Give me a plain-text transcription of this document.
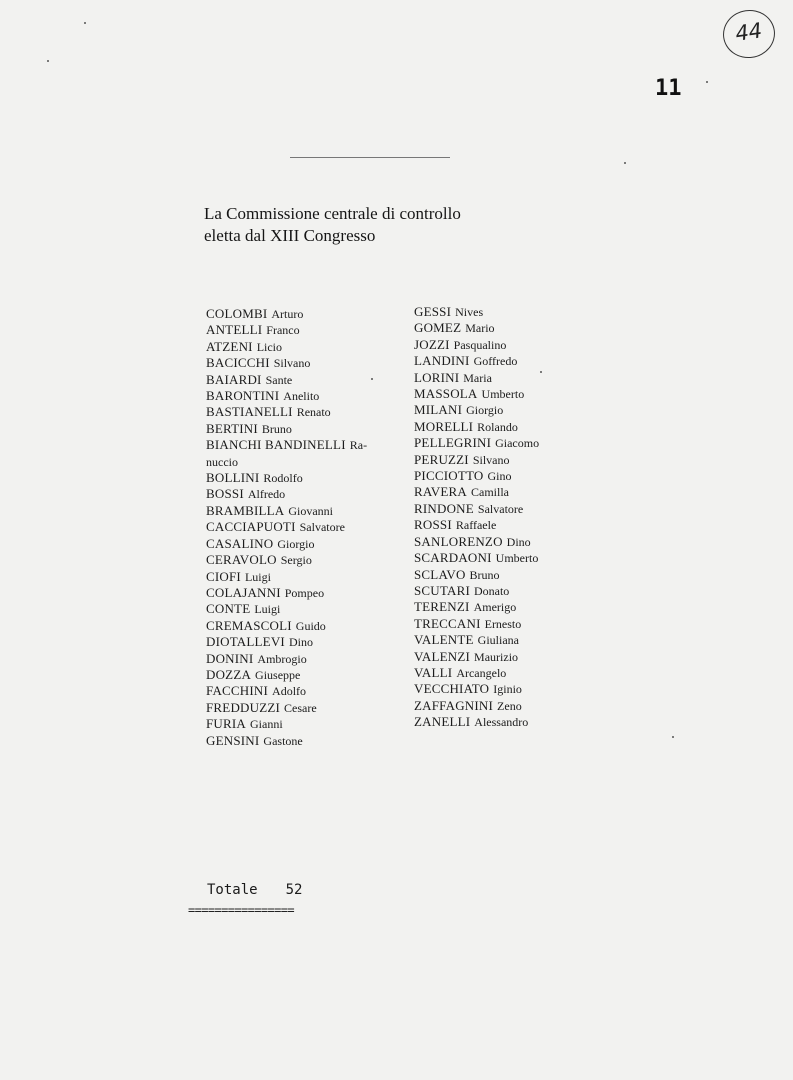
44
11
La Commissione centrale di controllo
eletta dal XIII Congresso
COLOMBI Arturo
ANTELLI Franco
ATZENI Licio
BACICCHI Silvano
BAIARDI Sante
BARONTINI Anelito
BASTIANELLI Renato
BERTINI Bruno
BIANCHI BANDINELLI Ra-
nuccio
BOLLINI Rodolfo
BOSSI Alfredo
BRAMBILLA Giovanni
CACCIAPUOTI Salvatore
CASALINO Giorgio
CERAVOLO Sergio
CIOFI Luigi
COLAJANNI Pompeo
CONTE Luigi
CREMASCOLI Guido
DIOTALLEVI Dino
DONINI Ambrogio
DOZZA Giuseppe
FACCHINI Adolfo
FREDDUZZI Cesare
FURIA Gianni
GENSINI Gastone
GESSI Nives
GOMEZ Mario
JOZZI Pasqualino
LANDINI Goffredo
LORINI Maria
MASSOLA Umberto
MILANI Giorgio
MORELLI Rolando
PELLEGRINI Giacomo
PERUZZI Silvano
PICCIOTTO Gino
RAVERA Camilla
RINDONE Salvatore
ROSSI Raffaele
SANLORENZO Dino
SCARDAONI Umberto
SCLAVO Bruno
SCUTARI Donato
TERENZI Amerigo
TRECCANI Ernesto
VALENTE Giuliana
VALENZI Maurizio
VALLI Arcangelo
VECCHIATO Iginio
ZAFFAGNINI Zeno
ZANELLI Alessandro
Totale 52
================
